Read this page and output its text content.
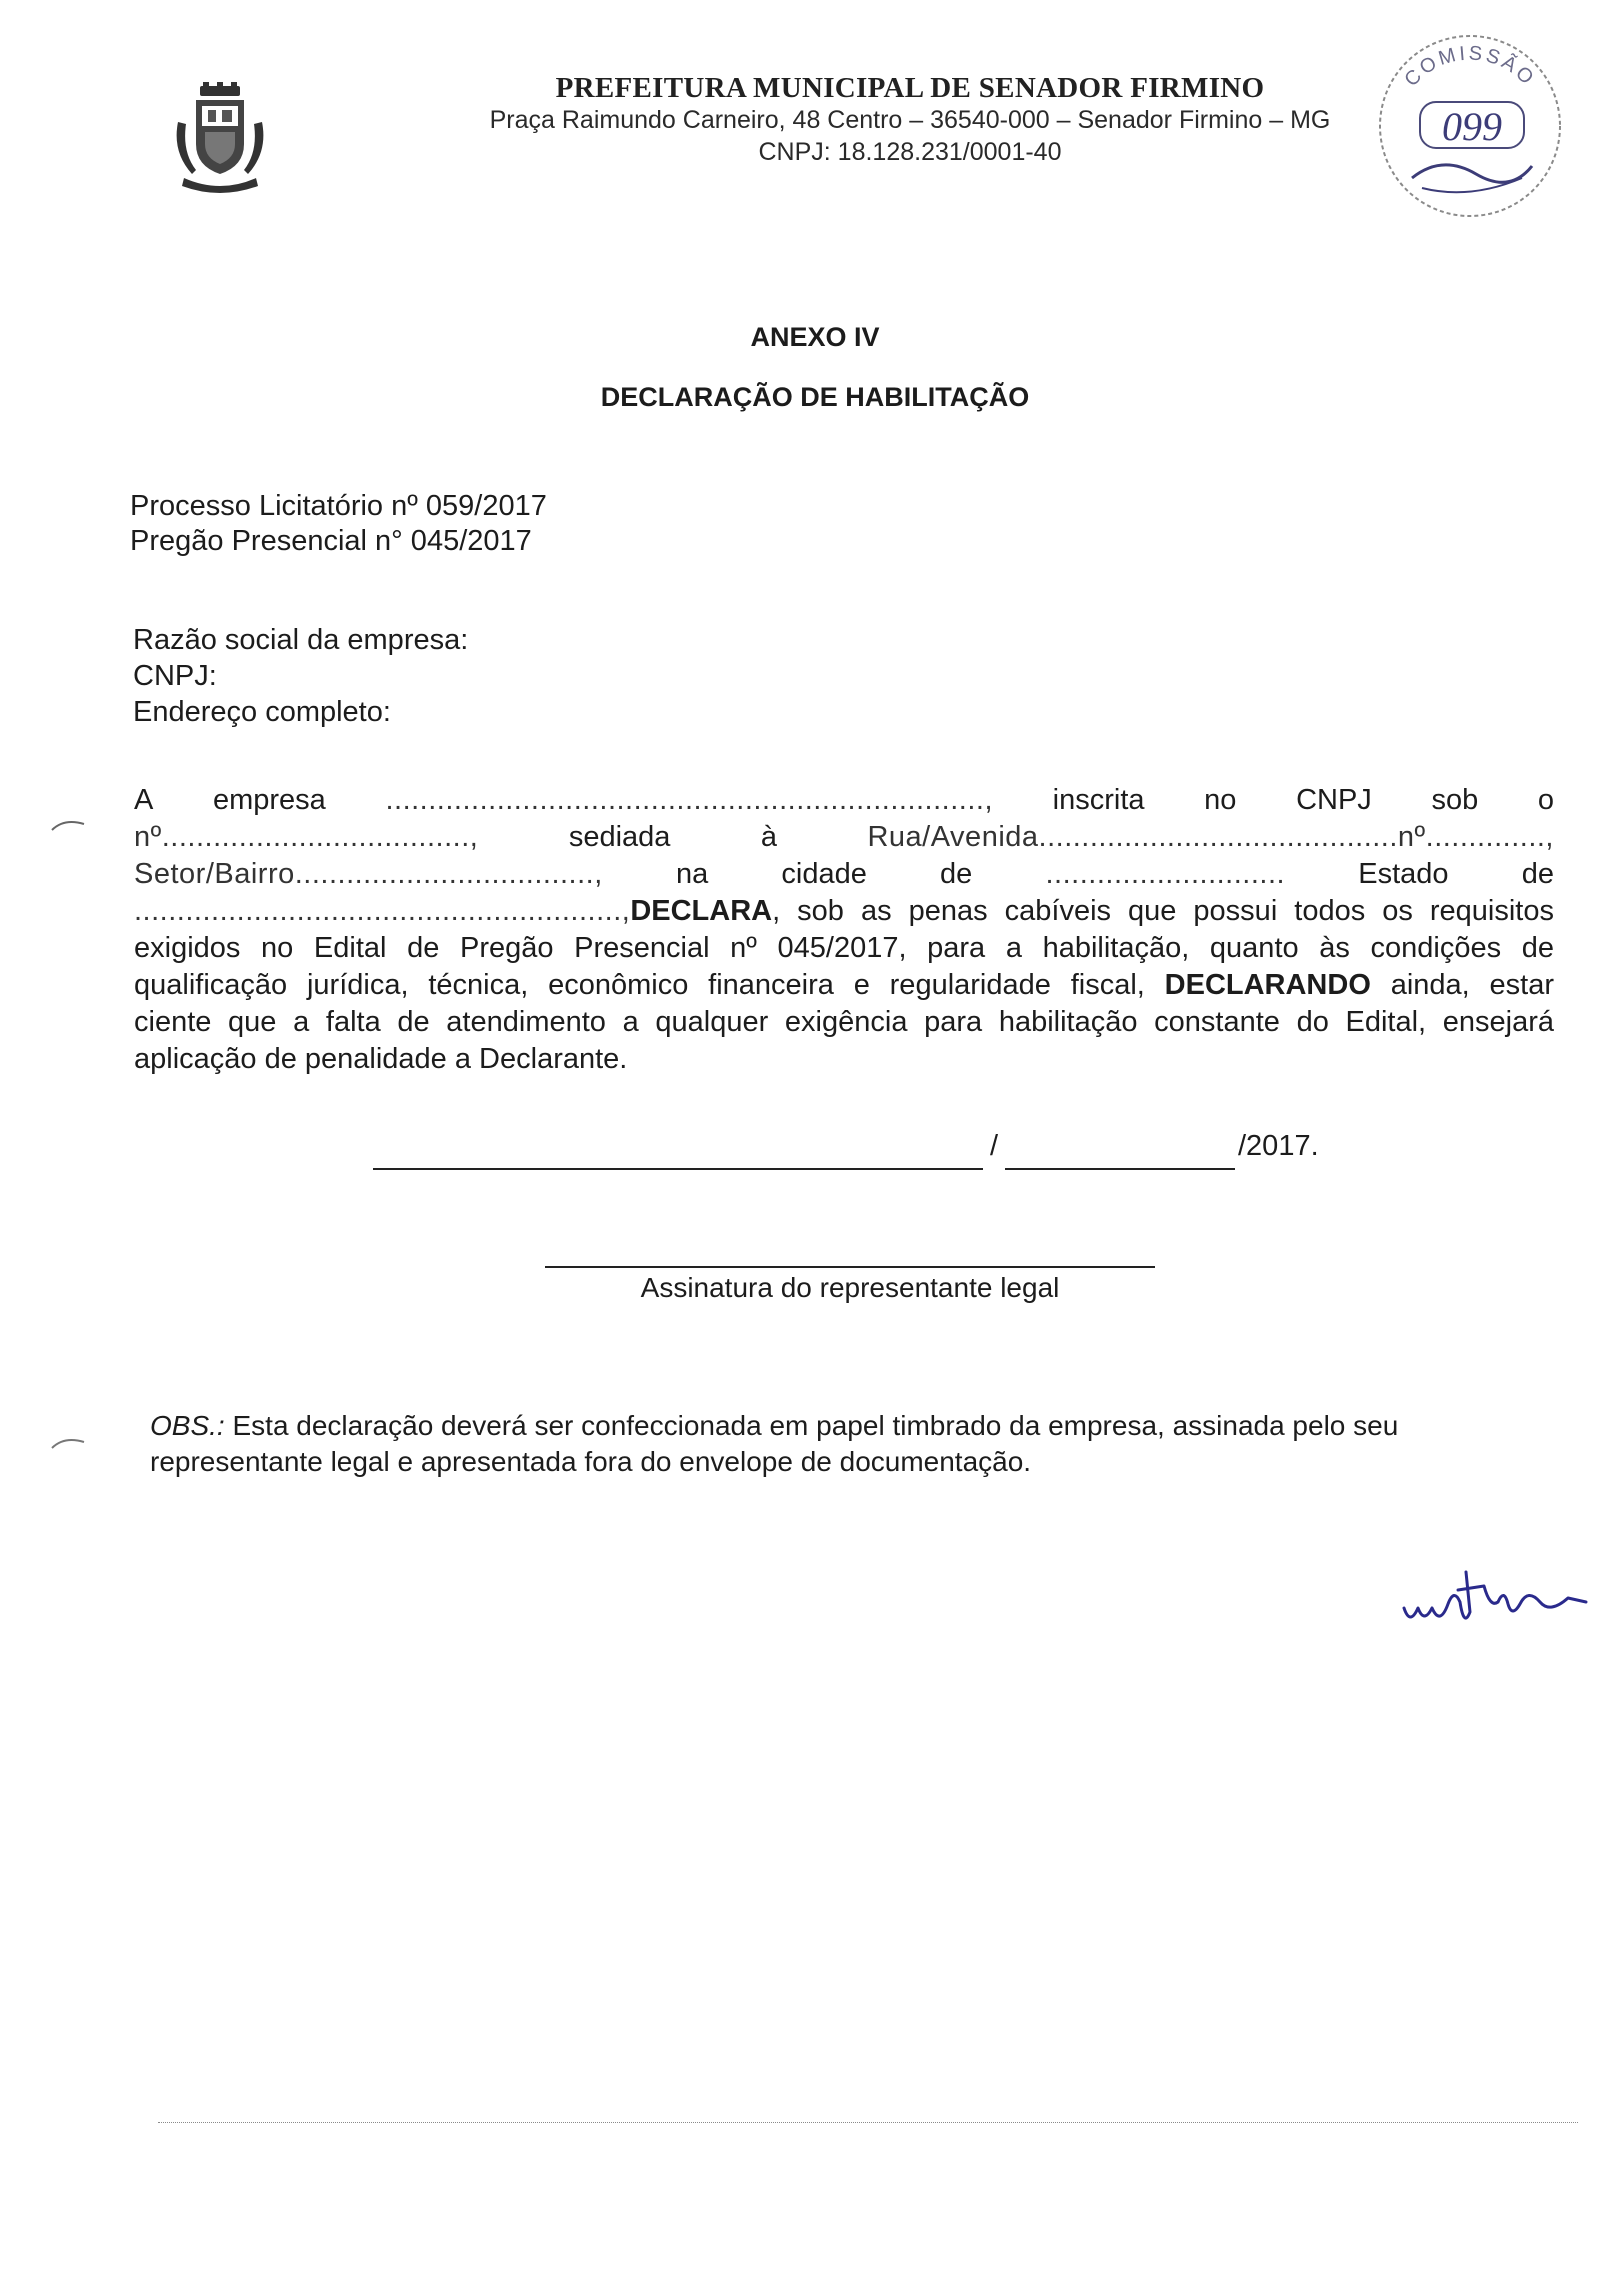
PREFEITURA MUNICIPAL DE SENADOR FIRMINO
Praça Raimundo Carneiro, 48 Centro – 36540-000 – Senador Firmino – MG
CNPJ: 18.128.231/0001-40
COMISSÃO
099
ANEXO IV
DECLARAÇÃO DE HABILITAÇÃO
Processo Licitatório nº 059/2017
Pregão Presencial n° 045/2017
Razão social da empresa:
CNPJ:
Endereço completo:
A empresa ......................................................................, inscrita no CNPJ sob o
nº....................................,	sediada	à	Rua/Avenida..........................................nº..............,
Setor/Bairro...................................,	na	cidade	de	............................	Estado	de
.........................................................,DECLARA, sob as penas cabíveis que possui todos os requisitos
exigidos no Edital de Pregão Presencial nº 045/2017, para a habilitação, quanto às condições de
qualificação jurídica, técnica, econômico financeira e regularidade fiscal, DECLARANDO ainda, estar
ciente que a falta de atendimento a qualquer exigência para habilitação constante do Edital, ensejará
aplicação de penalidade a Declarante.
/	/2017.
Assinatura do representante legal
OBS.: Esta declaração deverá ser confeccionada em papel timbrado da empresa, assinada pelo seu
representante legal e apresentada fora do envelope de documentação.
